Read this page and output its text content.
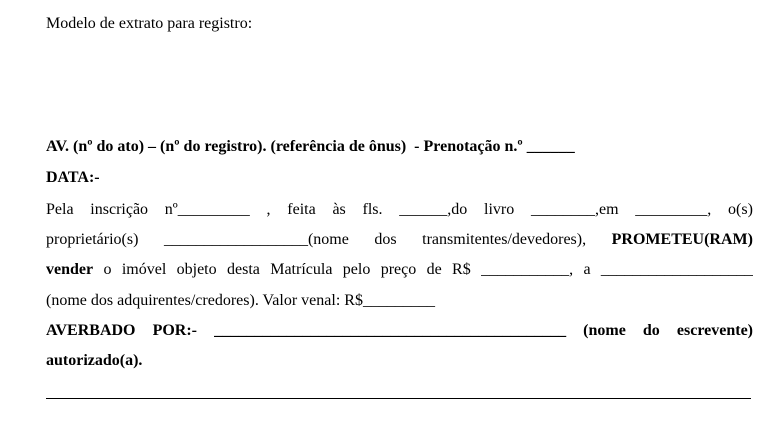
Modelo de extrato para registro:
AV. (nº do ato) – (nº do registro). (referência de ônus)  - Prenotação n.º ______
DATA:-
Pela inscrição nº_________ , feita às fls. ______,do livro ________,em _________, o(s)
proprietário(s) __________________(nome dos transmitentes/devedores), PROMETEU(RAM)
vender o imóvel objeto desta Matrícula pelo preço de R$ ___________, a ___________________
(nome dos adquirentes/credores). Valor venal: R$_________
AVERBADO POR:- ____________________________________________ (nome do escrevente)
autorizado(a).
